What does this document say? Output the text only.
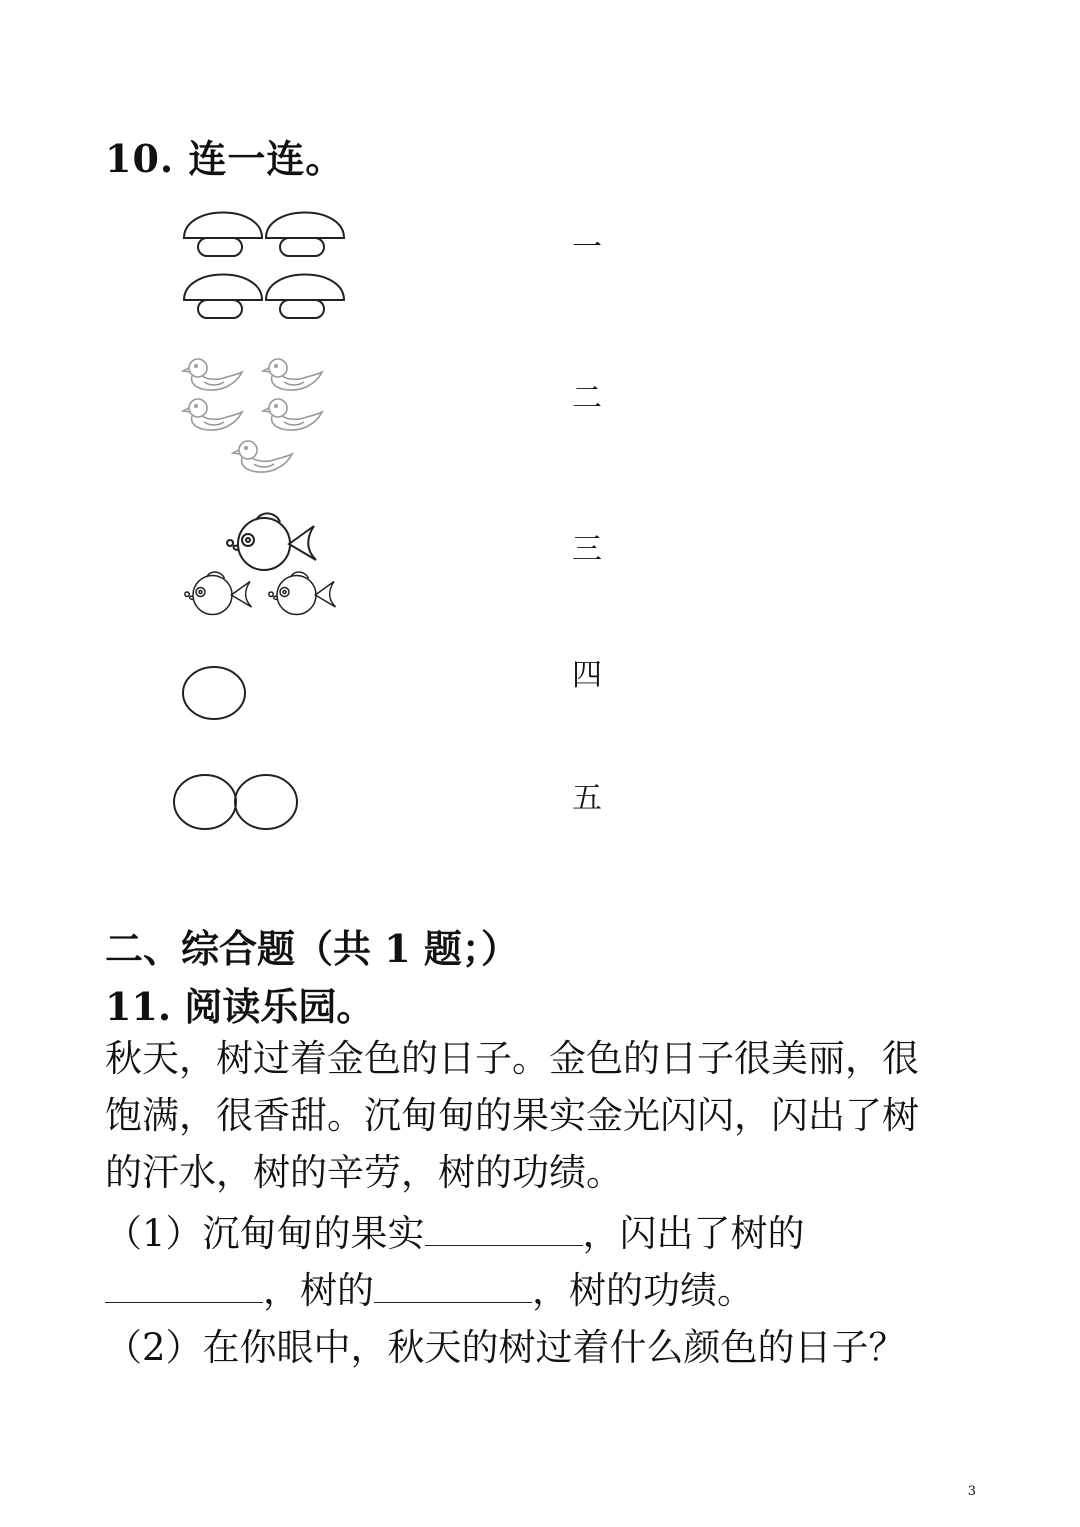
10. 连一连。
一
二
三
四
五
二、综合题（共 1 题；）
11. 阅读乐园。
秋天，树过着金色的日子。金色的日子很美丽，很
饱满，很香甜。沉甸甸的果实金光闪闪，闪出了树
的汗水，树的辛劳，树的功绩。
（1）沉甸甸的果实	，闪出了树的
，树的	，树的功绩。
（2）在你眼中，秋天的树过着什么颜色的日子？
3
